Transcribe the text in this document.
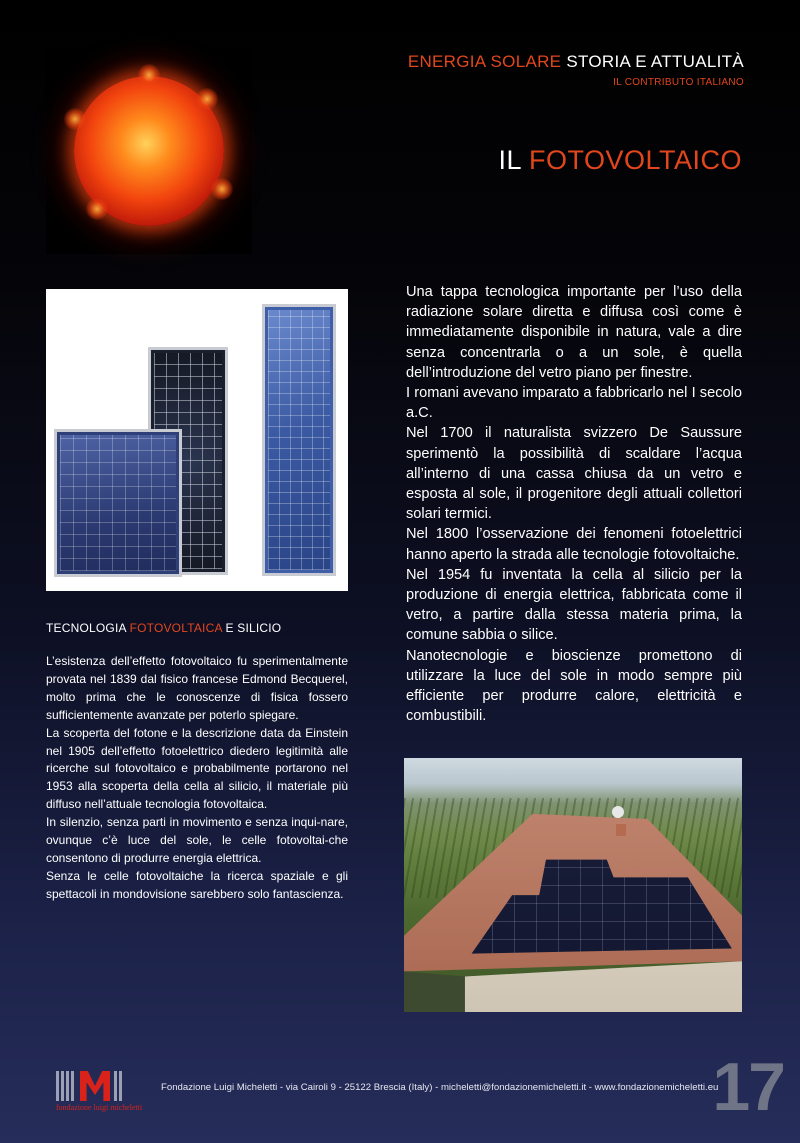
ENERGIA SOLARE STORIA E ATTUALITÀ
IL CONTRIBUTO ITALIANO
IL FOTOVOLTAICO
TECNOLOGIA FOTOVOLTAICA E SILICIO

L’esistenza dell’effetto fotovoltaico fu sperimentalmente provata nel 1839 dal fisico francese Edmond Becquerel, molto prima che le conoscenze di fisica fossero sufficientemente avanzate per poterlo spiegare.

La scoperta del fotone e la descrizione data da Einstein nel 1905 dell’effetto fotoelettrico diedero legitimità alle ricerche sul fotovoltaico e probabilmente portarono nel 1953 alla scoperta della cella al silicio, il materiale più diffuso nell’attuale tecnologia fotovoltaica.

In silenzio, senza parti in movimento e senza inqui-nare, ovunque c’è luce del sole, le celle fotovoltai-che consentono di produrre energia elettrica.

Senza le celle fotovoltaiche la ricerca spaziale e gli spettacoli in mondovisione sarebbero solo fantascienza.

Una tappa tecnologica importante per l’uso della radiazione solare diretta e diffusa così come è immediatamente disponibile in natura, vale a dire senza concentrarla o a un sole, è quella dell’introduzione del vetro piano per finestre.

I romani avevano imparato a fabbricarlo nel I secolo a.C.

Nel 1700 il naturalista svizzero De Saussure sperimentò la possibilità di scaldare l’acqua all’interno di una cassa chiusa da un vetro e esposta al sole, il progenitore degli attuali collettori solari termici.

Nel 1800 l’osservazione dei fenomeni fotoelettrici hanno aperto la strada alle tecnologie fotovoltaiche.

Nel 1954 fu inventata la cella al silicio per la produzione di energia elettrica, fabbricata come il vetro, a partire dalla stessa materia prima, la comune sabbia o silice.

Nanotecnologie e bioscienze promettono di utilizzare la luce del sole in modo sempre più efficiente per produrre calore, elettricità e combustibili.

fondazione luigi micheletti
Fondazione Luigi Micheletti - via Cairoli 9 - 25122 Brescia (Italy) - micheletti@fondazionemicheletti.it - www.fondazionemicheletti.eu
17
